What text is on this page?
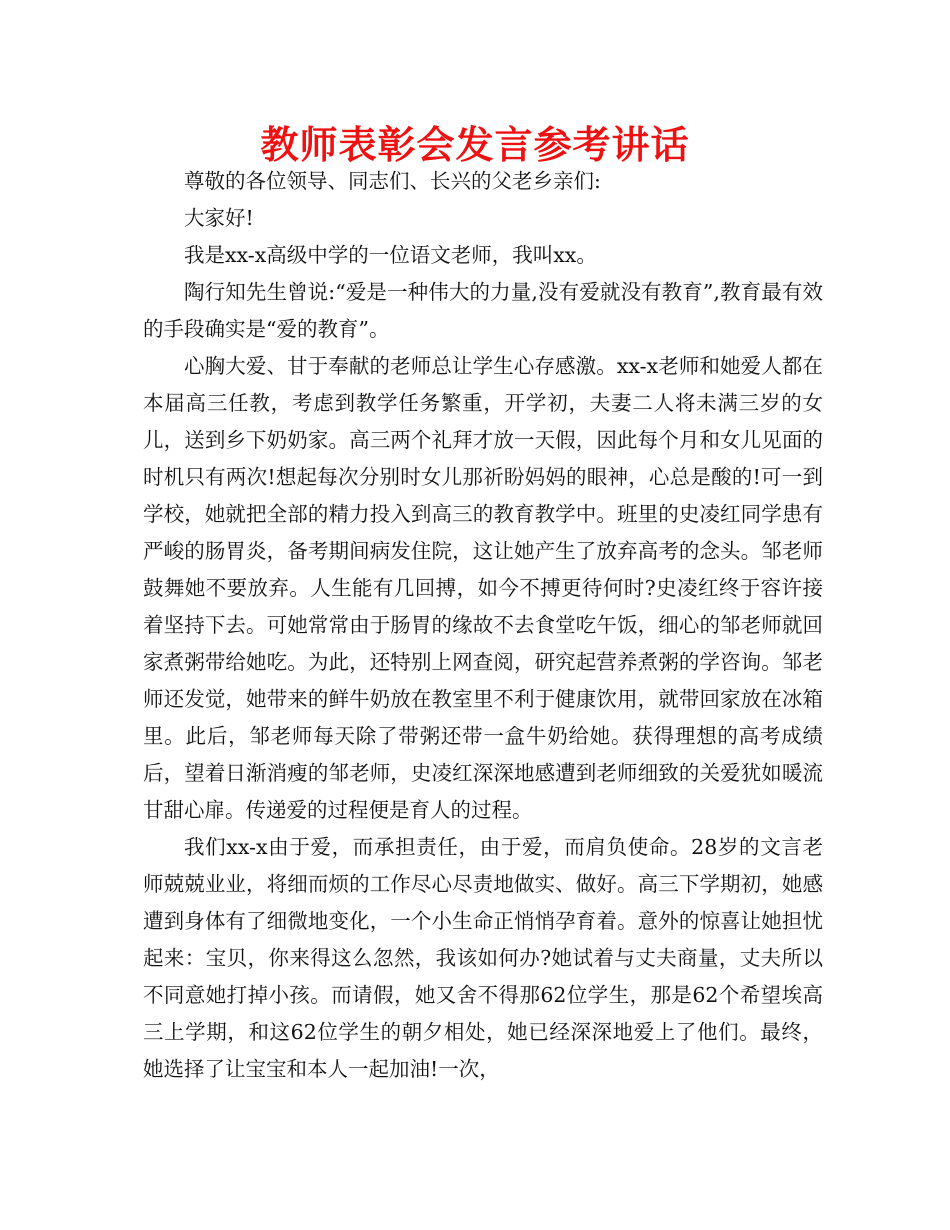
教师表彰会发言参考讲话

尊敬的各位领导、同志们、长兴的父老乡亲们:

大家好!

我是xx-x高级中学的一位语文老师，我叫xx。

陶行知先生曾说:“爱是一种伟大的力量,没有爱就没有教育”,教育最有效的手段确实是“爱的教育”。

心胸大爱、甘于奉献的老师总让学生心存感激。xx-x老师和她爱人都在本届高三任教，考虑到教学任务繁重，开学初，夫妻二人将未满三岁的女儿，送到乡下奶奶家。高三两个礼拜才放一天假，因此每个月和女儿见面的时机只有两次!想起每次分别时女儿那祈盼妈妈的眼神，心总是酸的!可一到学校，她就把全部的精力投入到高三的教育教学中。班里的史凌红同学患有严峻的肠胃炎，备考期间病发住院，这让她产生了放弃高考的念头。邹老师鼓舞她不要放弃。人生能有几回搏，如今不搏更待何时?史凌红终于容许接着坚持下去。可她常常由于肠胃的缘故不去食堂吃午饭，细心的邹老师就回家煮粥带给她吃。为此，还特别上网查阅，研究起营养煮粥的学咨询。邹老师还发觉，她带来的鲜牛奶放在教室里不利于健康饮用，就带回家放在冰箱里。此后，邹老师每天除了带粥还带一盒牛奶给她。获得理想的高考成绩后，望着日渐消瘦的邹老师，史凌红深深地感遭到老师细致的关爱犹如暖流甘甜心扉。传递爱的过程便是育人的过程。

我们xx-x由于爱，而承担责任，由于爱，而肩负使命。28岁的文言老师兢兢业业，将细而烦的工作尽心尽责地做实、做好。高三下学期初，她感遭到身体有了细微地变化，一个小生命正悄悄孕育着。意外的惊喜让她担忧起来：宝贝，你来得这么忽然，我该如何办?她试着与丈夫商量，丈夫所以不同意她打掉小孩。而请假，她又舍不得那62位学生，那是62个希望埃高三上学期，和这62位学生的朝夕相处，她已经深深地爱上了他们。最终，她选择了让宝宝和本人一起加油!一次，
